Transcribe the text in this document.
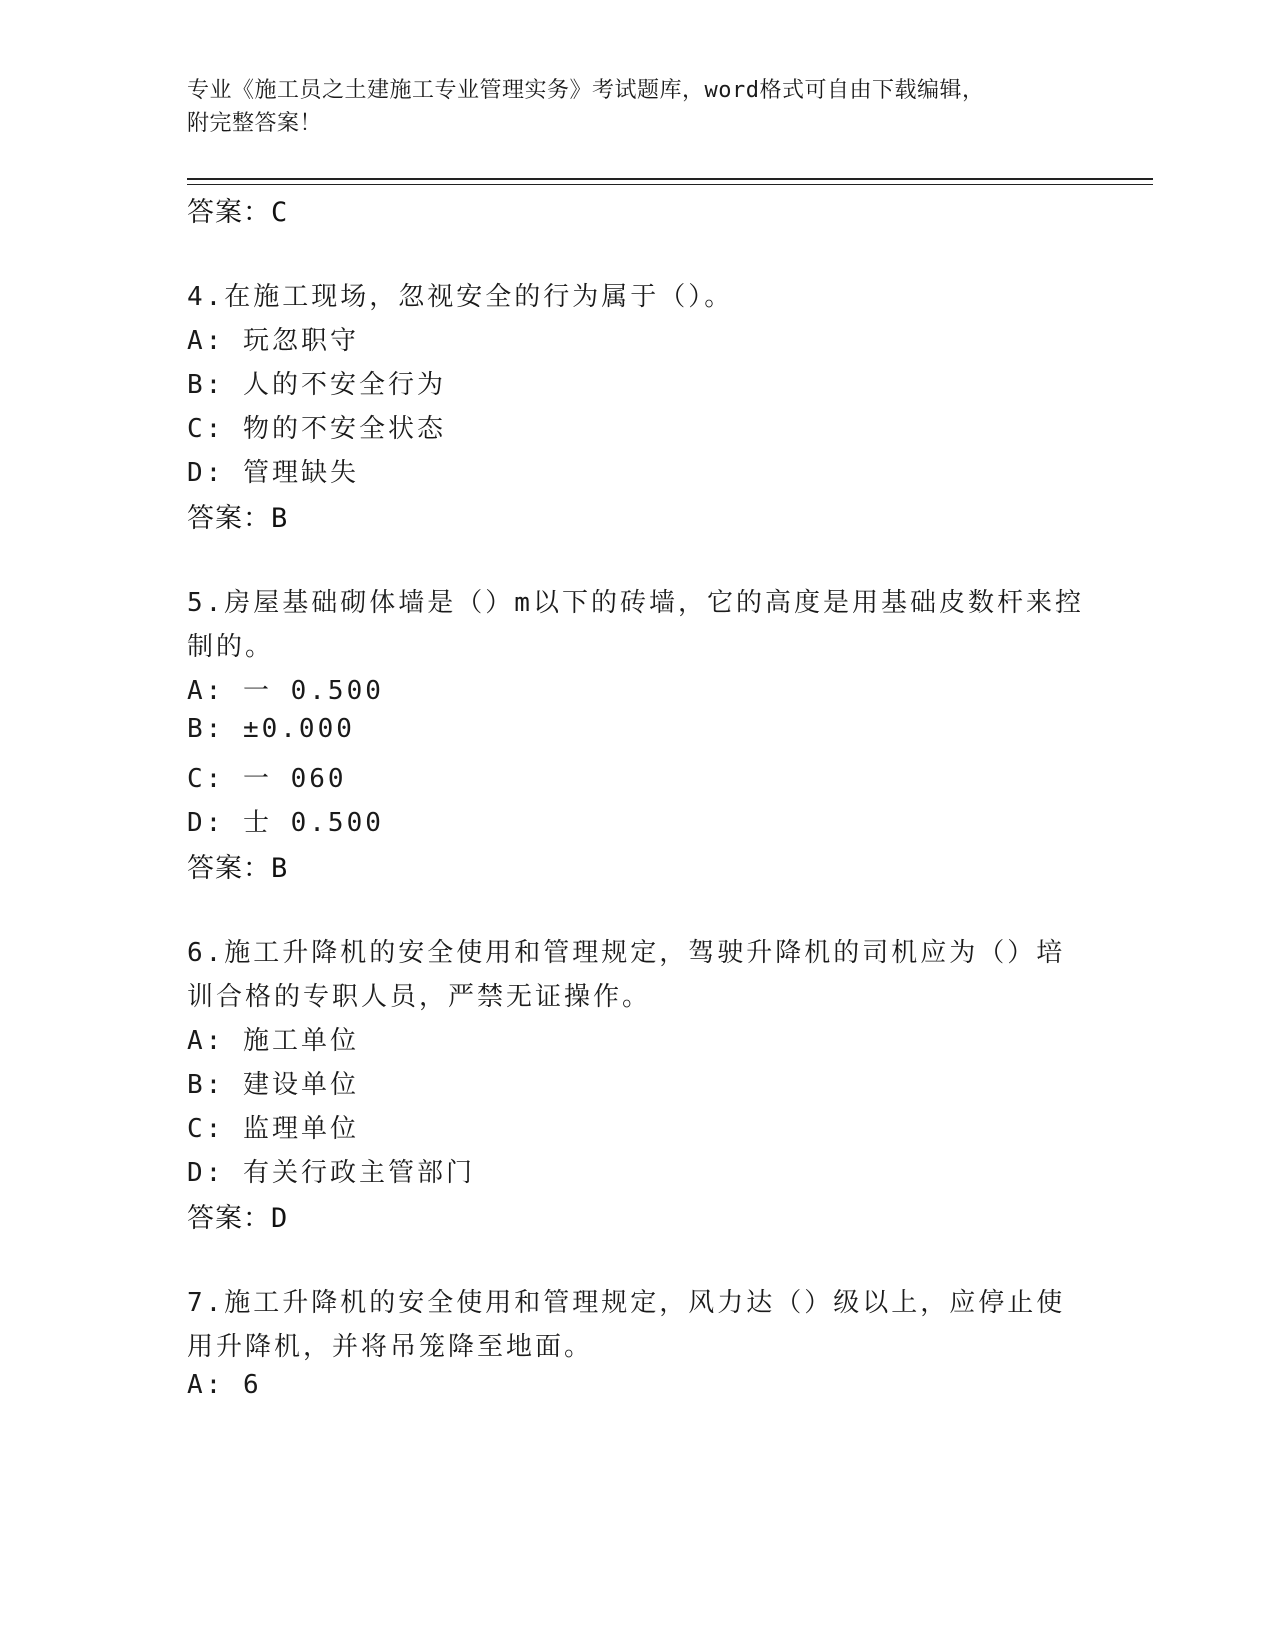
专业《施工员之土建施工专业管理实务》考试题库，word格式可自由下载编辑，
附完整答案！
答案：C
4.在施工现场，忽视安全的行为属于（）。
A: 玩忽职守
B: 人的不安全行为
C: 物的不安全状态
D: 管理缺失
答案：B
5.房屋基础砌体墙是（）m以下的砖墙，它的高度是用基础皮数杆来控
制的。
A: 一 0.500
B: ±0.000
C: 一 060
D: 士 0.500
答案：B
6.施工升降机的安全使用和管理规定，驾驶升降机的司机应为（）培
训合格的专职人员，严禁无证操作。
A: 施工单位
B: 建设单位
C: 监理单位
D: 有关行政主管部门
答案：D
7.施工升降机的安全使用和管理规定，风力达（）级以上，应停止使
用升降机，并将吊笼降至地面。
A: 6
